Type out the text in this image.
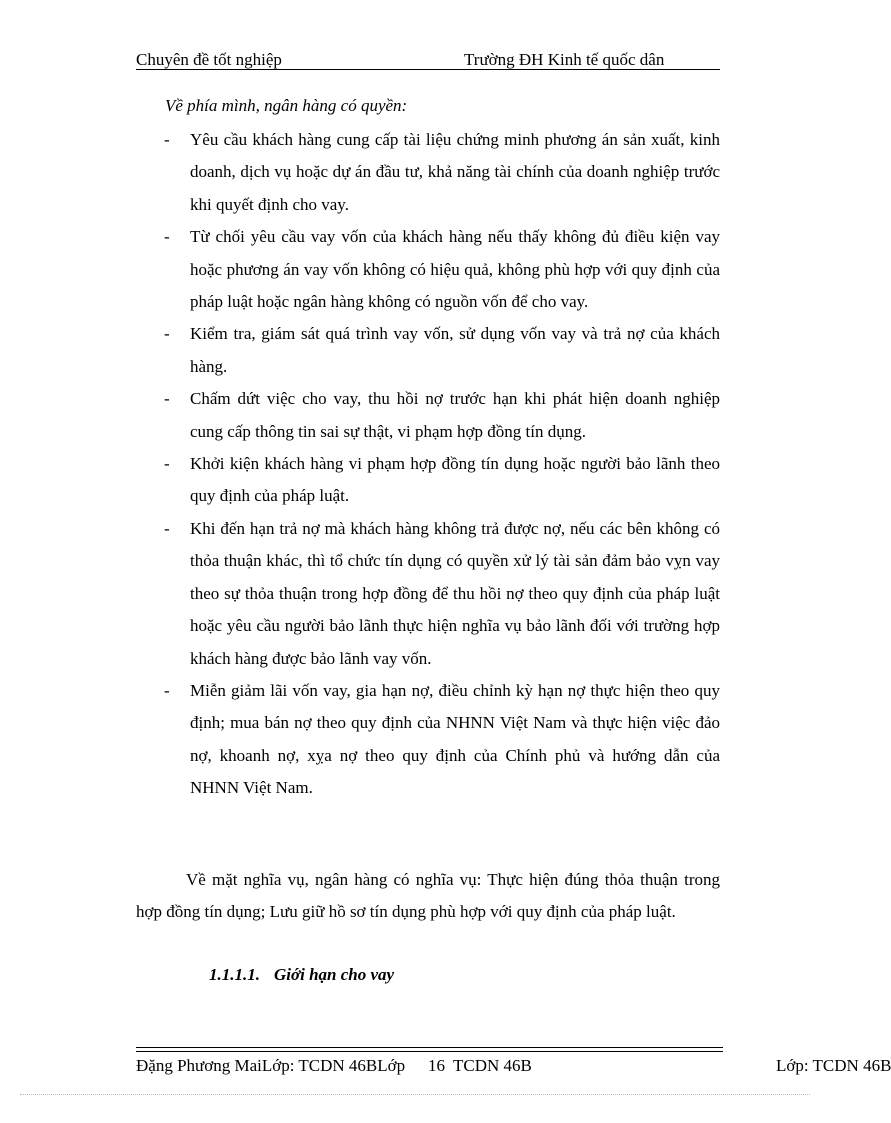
Chuyên đề tốt nghiệp	Trường ĐH Kinh tế quốc dân
Về phía mình, ngân hàng có quyền:
- Yêu cầu khách hàng cung cấp tài liệu chứng minh phương án sản xuất, kinh doanh, dịch vụ hoặc dự án đầu tư, khả năng tài chính của doanh nghiệp trước khi quyết định cho vay.
- Từ chối yêu cầu vay vốn của khách hàng nếu thấy không đủ điều kiện vay hoặc phương án vay vốn không có hiệu quả, không phù hợp với quy định của pháp luật hoặc ngân hàng không có nguồn vốn để cho vay.
- Kiểm tra, giám sát quá trình vay vốn, sử dụng vốn vay và trả nợ của khách hàng.
- Chấm dứt việc cho vay, thu hồi nợ trước hạn khi phát hiện doanh nghiệp cung cấp thông tin sai sự thật, vi phạm hợp đồng tín dụng.
- Khởi kiện khách hàng vi phạm hợp đồng tín dụng hoặc người bảo lãnh theo quy định của pháp luật.
- Khi đến hạn trả nợ mà khách hàng không trả được nợ, nếu các bên không có thỏa thuận khác, thì tổ chức tín dụng có quyền xử lý tài sản đảm bảo vỵn vay theo sự thỏa thuận trong hợp đồng để thu hồi nợ theo quy định của pháp luật hoặc yêu cầu người bảo lãnh thực hiện nghĩa vụ bảo lãnh đối với trường hợp khách hàng được bảo lãnh vay vốn.
- Miễn giảm lãi vốn vay, gia hạn nợ, điều chỉnh kỳ hạn nợ thực hiện theo quy định; mua bán nợ theo quy định của NHNN Việt Nam và thực hiện việc đảo nợ, khoanh nợ, xỵa nợ theo quy định của Chính phủ và hướng dẫn của NHNN Việt Nam.

Về mặt nghĩa vụ, ngân hàng có nghĩa vụ: Thực hiện đúng thỏa thuận trong hợp đồng tín dụng; Lưu giữ hồ sơ tín dụng phù hợp với quy định của pháp luật.

1.1.1.1. Giới hạn cho vay
Đặng Phương MaiLớp: TCDN 46BLớp 16 TCDN 46B	Lớp: TCDN 46B
